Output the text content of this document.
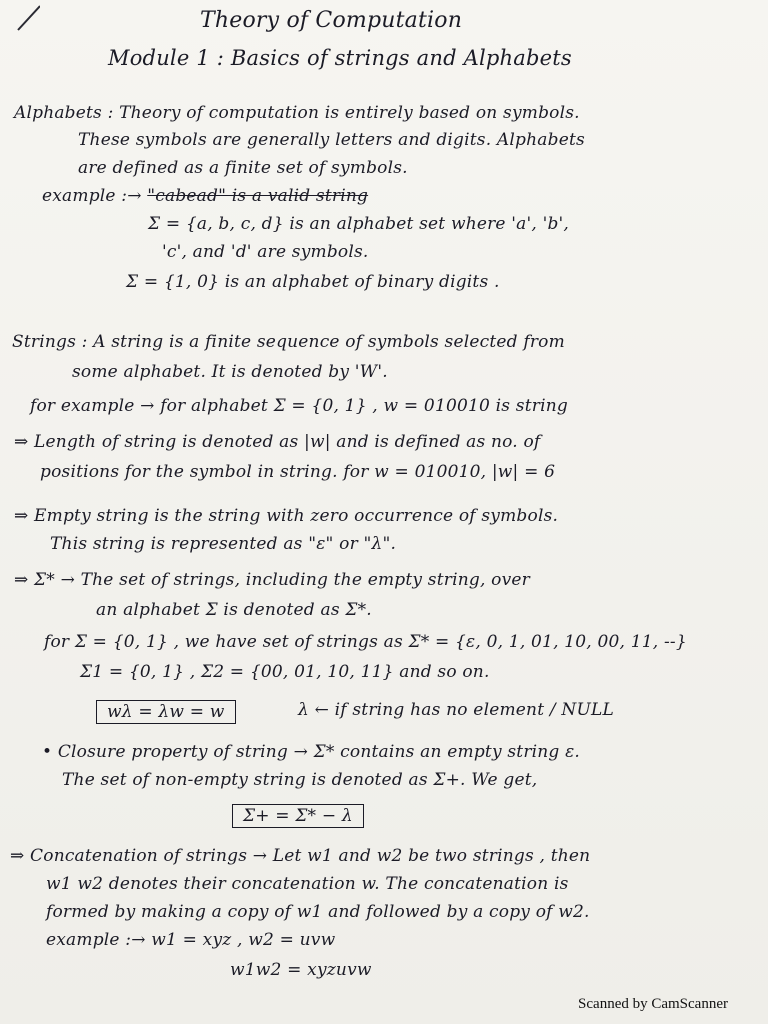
Theory of Computation
Module 1 : Basics of strings and Alphabets
Alphabets : Theory of computation is entirely based on symbols.
These symbols are generally letters and digits. Alphabets
are defined as a finite set of symbols.
example :→ "cabead" is a valid string
Σ = {a, b, c, d} is an alphabet set where 'a', 'b',
'c', and 'd' are symbols.
Σ = {1, 0} is an alphabet of binary digits .
Strings : A string is a finite sequence of symbols selected from
some alphabet. It is denoted by 'W'.
for example → for alphabet Σ = {0, 1} , w = 010010 is string
⇒ Length of string is denoted as |w| and is defined as no. of
positions for the symbol in string. for w = 010010, |w| = 6
⇒ Empty string is the string with zero occurrence of symbols.
This string is represented as "ε" or "λ".
⇒ Σ* → The set of strings, including the empty string, over
an alphabet Σ is denoted as Σ*.
for Σ = {0, 1} , we have set of strings as Σ* = {ε, 0, 1, 01, 10, 00, 11, --}
Σ1 = {0, 1} , Σ2 = {00, 01, 10, 11} and so on.
wλ = λw = w	λ ← if string has no element / NULL
• Closure property of string → Σ* contains an empty string ε.
The set of non-empty string is denoted as Σ+. We get,
Σ+ = Σ* − λ
⇒ Concatenation of strings → Let w1 and w2 be two strings , then
w1 w2 denotes their concatenation w. The concatenation is
formed by making a copy of w1 and followed by a copy of w2.
example :→ w1 = xyz , w2 = uvw
w1w2 = xyzuvw
Scanned by CamScanner
